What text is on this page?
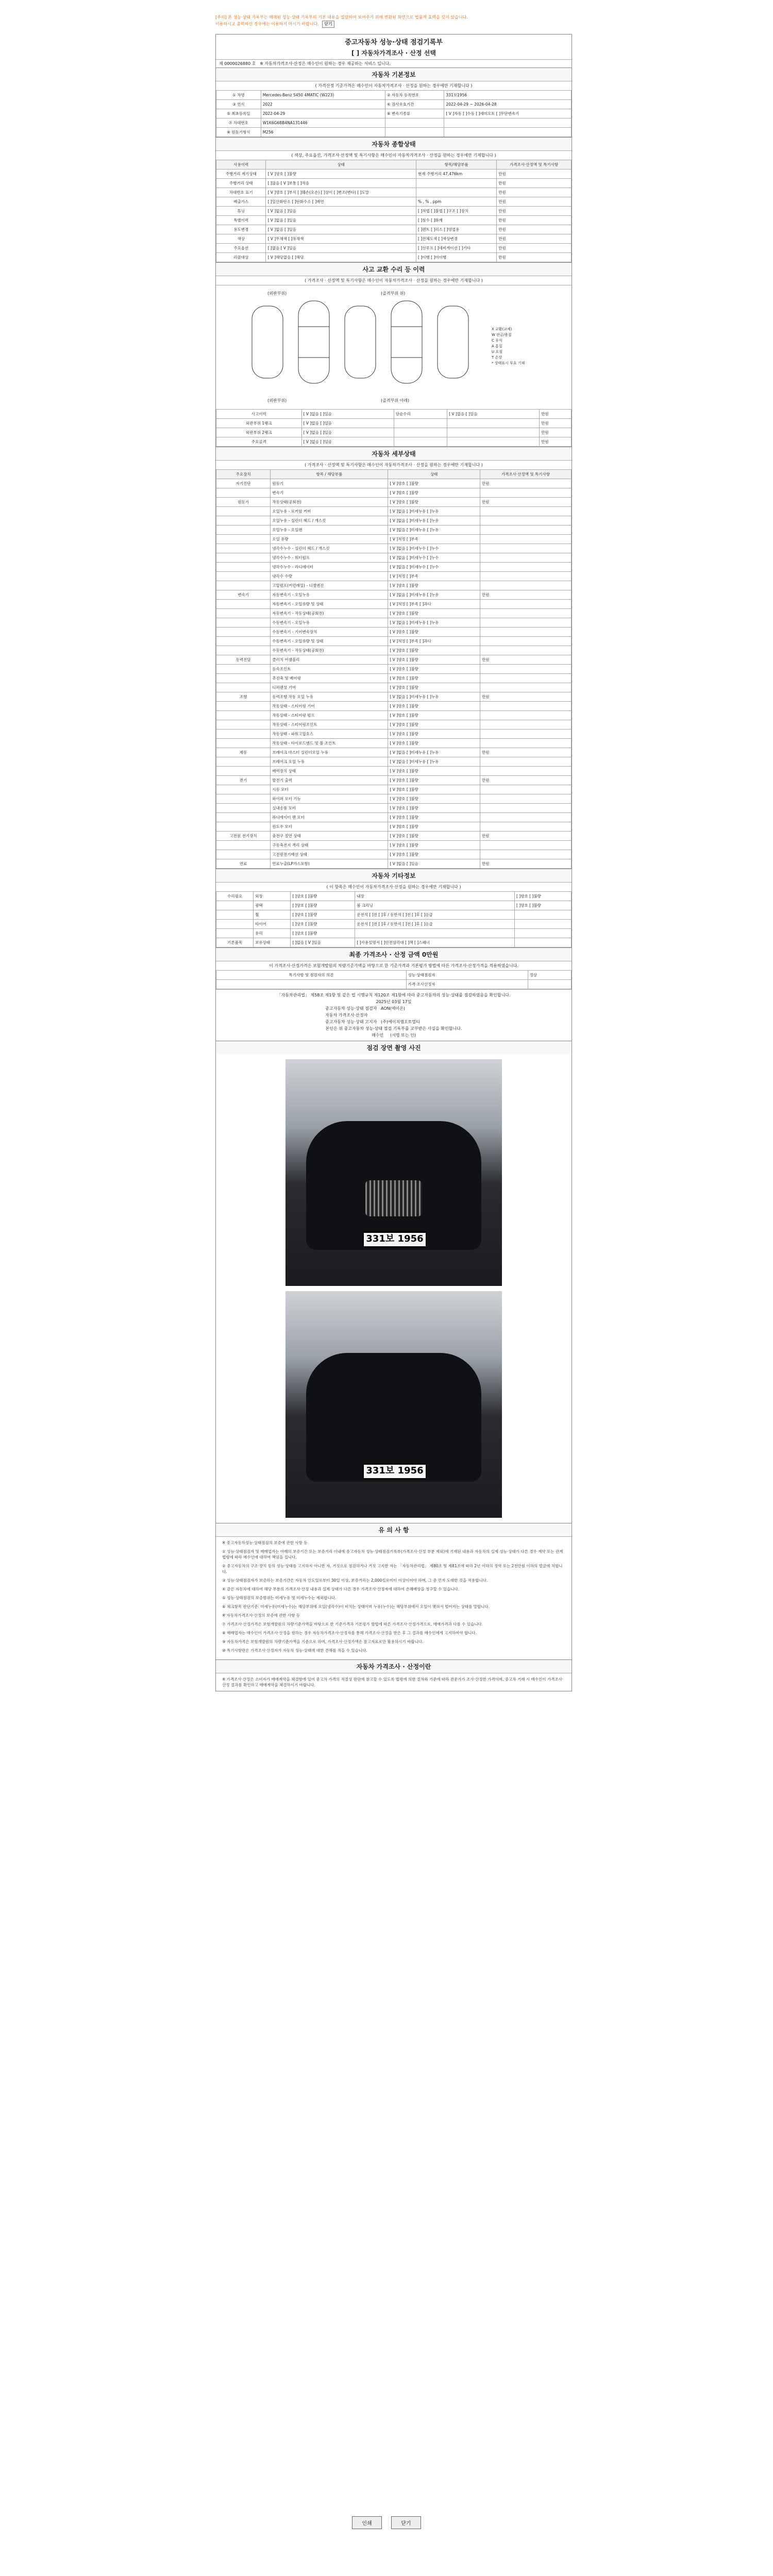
[주의] 본 성능·상태 기록부는 매매된 성능·상태 기록부의 기본 내용을 열람하여 보여주기 위해 변환된 화면으로 법률적 효력을 갖지 않습니다.
이용하시고 출력하신 경우에는 이용하지 마시기 바랍니다. 닫기
중고자동차 성능·상태 점검기록부
[ ] 자동차가격조사 · 산정 선택
제 0000026880 호 ※ 자동차가격조사·산정은 매수인이 원하는 경우 제공하는 서비스 입니다.
자동차 기본정보
( 가격산정 기준가격은 매수인이 자동차가격조사 · 산정을 원하는 경우에만 기재합니다 )
① 차명	Mercedes-Benz S450 4MATIC (W223)	② 자동차 등록번호	331보1956
③ 연식	2022	④ 검사유효기간	2022-04-29 ~ 2026-04-28
⑤ 최초등록일	2022-04-29	⑥ 변속기종류	[ V ]자동 [ ]수동 [ ]세미오토 [ ]무단변속기
⑦ 차대번호	W1K6G6BB4NA131446		
⑧ 원동기형식	M256		
자동차 종합상태
( 색상, 주요옵션, 가격조사·산정액 및 특기사항은 매수인이 자동차가격조사 · 산정을 원하는 경우에만 기재합니다 )
사용이력	상태	항목/해당부품	가격조사·산정액 및 특기사항
주행거리 계기상태	[ V ]양호 [ ]불량	현재 주행거리 47,476km	만원
주행거리 상태	[ ]많음 [ V ]보통 [ ]적음		만원
차대번호 표기	[ V ]양호 [ ]부식 [ ]훼손(오손) [ ]상이 [ ]변조(변타) [ ]도말		만원
배출가스	[ ]일산화탄소 [ ]탄화수소 [ ]매연	% , % , ppm	만원
튜닝	[ V ]없음 [ ]있음	[ ]적법 [ ]불법 [ ]구조 [ ]장치	만원
특별이력	[ V ]없음 [ ]있음	[ ]침수 [ ]화재	만원
용도변경	[ V ]없음 [ ]있음	[ ]렌트 [ ]리스 [ ]영업용	만원
색상	[ V ]무채색 [ ]유채색	[ ]전체도색 [ ]색상변경	만원
주요옵션	[ ]없음 [ V ]있음	[ ]선루프 [ ]네비게이션 [ ]기타	만원
리콜대상	[ V ]해당없음 [ ]해당	[ ]이행 [ ]미이행	만원
사고 교환 수리 등 이력
( 가격조사 · 산정액 및 특기사항은 매수인이 자동차가격조사 · 산정을 원하는 경우에만 기재합니다 )
(외판부위)	(골격부위 위)
(외판부위)	(골격부위 아래)
X 교환(교체)
W 판금/용접
C 부식
A 흠집
U 요철
T 손상
* 상태표시 부호 기재
사고이력	[ V ]없음 [ ]있음	단순수리	[ V ]없음 [ ]있음	만원
외판부위 1랭크	[ V ]없음 [ ]있음			만원
외판부위 2랭크	[ V ]없음 [ ]있음			만원
주요골격	[ V ]없음 [ ]있음			만원
자동차 세부상태
( 가격조사 · 산정액 및 특기사항은 매수인이 자동차가격조사 · 산정을 원하는 경우에만 기재합니다 )
주요장치	항목 / 해당부품	상태	가격조사·산정액 및 특기사항
자기진단	원동기	[ V ]양호 [ ]불량	만원
	변속기	[ V ]양호 [ ]불량	
원동기	작동상태(공회전)	[ V ]양호 [ ]불량	만원
	오일누유 - 로커암 커버	[ V ]없음 [ ]미세누유 [ ]누유	
	오일누유 - 실린더 헤드 / 개스킷	[ V ]없음 [ ]미세누유 [ ]누유	
	오일누유 - 오일팬	[ V ]없음 [ ]미세누유 [ ]누유	
	오일 유량	[ V ]적정 [ ]부족	
	냉각수누수 - 실린더 헤드 / 개스킷	[ V ]없음 [ ]미세누수 [ ]누수	
	냉각수누수 - 워터펌프	[ V ]없음 [ ]미세누수 [ ]누수	
	냉각수누수 - 라디에이터	[ V ]없음 [ ]미세누수 [ ]누수	
	냉각수 수량	[ V ]적정 [ ]부족	
	고압펌프(커먼레일) - 디젤엔진	[ V ]양호 [ ]불량	
변속기	자동변속기 - 오일누유	[ V ]없음 [ ]미세누유 [ ]누유	만원
	자동변속기 - 오일유량 및 상태	[ V ]적정 [ ]부족 [ ]과다	
	자동변속기 - 작동상태(공회전)	[ V ]양호 [ ]불량	
	수동변속기 - 오일누유	[ V ]없음 [ ]미세누유 [ ]누유	
	수동변속기 - 기어변속장치	[ V ]양호 [ ]불량	
	수동변속기 - 오일유량 및 상태	[ V ]적정 [ ]부족 [ ]과다	
	수동변속기 - 작동상태(공회전)	[ V ]양호 [ ]불량	
동력전달	클러치 어셈블리	[ V ]양호 [ ]불량	만원
	등속조인트	[ V ]양호 [ ]불량	
	추진축 및 베어링	[ V ]양호 [ ]불량	
	디퍼렌셜 기어	[ V ]양호 [ ]불량	
조향	동력조향 작동 오일 누유	[ V ]없음 [ ]미세누유 [ ]누유	만원
	작동상태 - 스티어링 기어	[ V ]양호 [ ]불량	
	작동상태 - 스티어링 펌프	[ V ]양호 [ ]불량	
	작동상태 - 스티어링조인트	[ V ]양호 [ ]불량	
	작동상태 - 파워고압호스	[ V ]양호 [ ]불량	
	작동상태 - 타이로드엔드 및 볼 조인트	[ V ]양호 [ ]불량	
제동	브레이크 마스터 실린더오일 누유	[ V ]없음 [ ]미세누유 [ ]누유	만원
	브레이크 오일 누유	[ V ]없음 [ ]미세누유 [ ]누유	
	배력장치 상태	[ V ]양호 [ ]불량	
전기	발전기 출력	[ V ]양호 [ ]불량	만원
	시동 모터	[ V ]양호 [ ]불량	
	와이퍼 모터 기능	[ V ]양호 [ ]불량	
	실내송풍 모터	[ V ]양호 [ ]불량	
	라디에이터 팬 모터	[ V ]양호 [ ]불량	
	윈도우 모터	[ V ]양호 [ ]불량	
고전원 전기장치	충전구 절연 상태	[ V ]양호 [ ]불량	만원
	구동축전지 격리 상태	[ V ]양호 [ ]불량	
	고전원전기배선 상태	[ V ]양호 [ ]불량	
연료	연료누출(LP가스포함)	[ V ]없음 [ ]있음	만원
자동차 기타정보
( 이 항목은 매수인이 자동차가격조사·산정을 원하는 경우에만 기재합니다 )
수리필요	외장	[ ]양호 [ ]불량	내장	[ ]양호 [ ]불량
	광택	[ ]양호 [ ]불량	룸 크리닝	[ ]양호 [ ]불량
	휠	[ ]양호 [ ]불량	운전석 [ ]전 [ ]후 / 동반석 [ ]전 [ ]후 [ ]응급	
	타이어	[ ]양호 [ ]불량	운전석 [ ]전 [ ]후 / 동반석 [ ]전 [ ]후 [ ]응급	
	유리	[ ]양호 [ ]불량		
기본품목	보유상태	[ ]없음 [ V ]있음	[ ]사용설명서 [ ]안전삼각대 [ ]잭 [ ]스패너	
최종 가격조사 · 산정 금액 0만원
이 가격조사·산정가격은 보험개발원의 차량기준가액을 바탕으로 한 기준가격과 기본평가 방법에 따른 가격조사·산정가격을 적용하였습니다.
특기사항 및 점검자의 의견	성능·상태점검자	정상
	가격·조사산정자	
「자동차관리법」 제58조 제1항 및 같은 법 시행규칙 제120조 제1항에 따라 중고자동차의 성능·상태를 점검하였음을 확인합니다.
2025년 03월 17일
중고자동차 성능·상태 점검자 AON(에이온)
자동차 가격조사·산정자
중고자동차 성능·상태 고지자 (주)에이치엠오토멀티
본인은 위 중고자동차 성능·상태 점검 기록부를 교부받은 사실을 확인합니다.
매수인 (서명 또는 인)
점검 장면 촬영 사진
331보 1956
331보 1956
유 의 사 항

※ 중고자동차성능·상태점검의 보증에 관한 사항 등

① 성능·상태점검자 및 매매업자는 아래의 보증기간 또는 보증거리 이내에 중고자동차 성능·상태점검기록부(가격조사·산정 부분 제외)에 기재된 내용과 자동차의 실제 성능·상태가 다른 경우 계약 또는 관계법령에 따라 매수인에 대하여 책임을 집니다.

② 중고자동차의 구조·장치 등의 성능·상태를 고지하지 아니한 자, 거짓으로 점검하거나 거짓 고지한 자는 「자동차관리법」 제80조 및 제81조에 따라 2년 이하의 징역 또는 2천만원 이하의 벌금에 처합니다.

③ 성능·상태점검자가 보증하는 보증기간은 자동차 인도일로부터 30일 이상, 보증거리는 2,000킬로미터 이상이어야 하며, 그 중 먼저 도래한 것을 적용합니다.

④ 같은 자동차에 대하여 해당 부분의 가격조사·산정 내용과 실제 상태가 다른 경우 가격조사·산정자에 대하여 손해배상을 청구할 수 있습니다.

⑤ 성능·상태점검의 보증범위는 미세누유 및 미세누수는 제외합니다.

⑥ 체크항목 판단기준: 미세누유(미세누수)는 해당부위에 오일(냉각수)이 비치는 상태이며 누유(누수)는 해당부위에서 오일이 맺혀서 떨어지는 상태를 말합니다.

※ 자동차가격조사·산정의 보증에 관한 사항 등

⑦ 가격조사·산정가격은 보험개발원의 차량기준가액을 바탕으로 한 기준가격과 기본평가 방법에 따른 가격조사·산정가격으로, 매매가격과 다를 수 있습니다.

⑧ 매매업자는 매수인이 가격조사·산정을 원하는 경우 자동차가격조사·산정자를 통해 가격조사·산정을 받은 후 그 결과를 매수인에게 고지하여야 합니다.

⑨ 자동차가격은 보험개발원의 차량기준가액을 기준으로 하며, 가격조사·산정가액은 참고자료로만 활용하시기 바랍니다.

⑩ 특기사항란은 가격조사·산정자가 자동차 성능·상태에 대한 견해를 적을 수 있습니다.

자동차 가격조사 · 산정이란
※ 가격조사·산정은 소비자가 매매계약을 체결함에 있어 중고차 가격의 적절성 판단에 참고할 수 있도록 법령에 의한 절차와 기준에 따라 전문가가 조사·산정한 가격이며, 중고차 거래 시 매수인이 가격조사·산정 결과를 확인하고 매매계약을 체결하시기 바랍니다.
인쇄	닫기
